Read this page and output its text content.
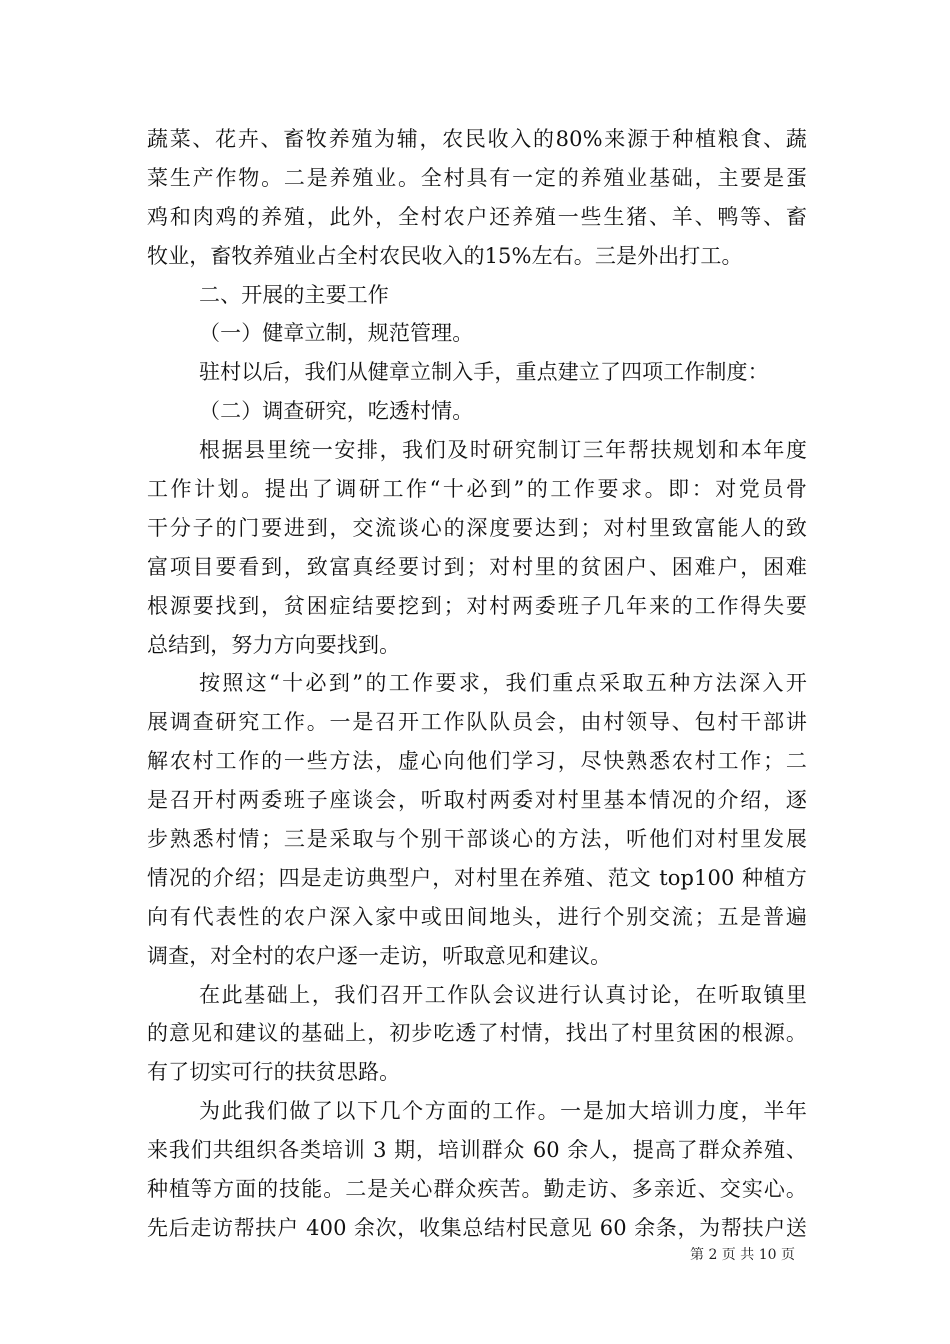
蔬菜、花卉、畜牧养殖为辅，农民收入的80%来源于种植粮食、蔬
菜生产作物。二是养殖业。全村具有一定的养殖业基础，主要是蛋
鸡和肉鸡的养殖，此外，全村农户还养殖一些生猪、羊、鸭等、畜
牧业，畜牧养殖业占全村农民收入的15%左右。三是外出打工。
二、开展的主要工作
（一）健章立制，规范管理。
驻村以后，我们从健章立制入手，重点建立了四项工作制度：
（二）调查研究，吃透村情。
根据县里统一安排，我们及时研究制订三年帮扶规划和本年度
工作计划。提出了调研工作“十必到”的工作要求。即：对党员骨
干分子的门要进到，交流谈心的深度要达到；对村里致富能人的致
富项目要看到，致富真经要讨到；对村里的贫困户、困难户，困难
根源要找到，贫困症结要挖到；对村两委班子几年来的工作得失要
总结到，努力方向要找到。
按照这“十必到”的工作要求，我们重点采取五种方法深入开
展调查研究工作。一是召开工作队队员会，由村领导、包村干部讲
解农村工作的一些方法，虚心向他们学习，尽快熟悉农村工作；二
是召开村两委班子座谈会，听取村两委对村里基本情况的介绍，逐
步熟悉村情；三是采取与个别干部谈心的方法，听他们对村里发展
情况的介绍；四是走访典型户，对村里在养殖、范文 top100 种植方
向有代表性的农户深入家中或田间地头，进行个别交流；五是普遍
调查，对全村的农户逐一走访，听取意见和建议。
在此基础上，我们召开工作队会议进行认真讨论，在听取镇里
的意见和建议的基础上，初步吃透了村情，找出了村里贫困的根源。
有了切实可行的扶贫思路。
为此我们做了以下几个方面的工作。一是加大培训力度，半年
来我们共组织各类培训 3 期，培训群众 60 余人，提高了群众养殖、
种植等方面的技能。二是关心群众疾苦。勤走访、多亲近、交实心。
先后走访帮扶户 400 余次，收集总结村民意见 60 余条，为帮扶户送
第 2 页 共 10 页
